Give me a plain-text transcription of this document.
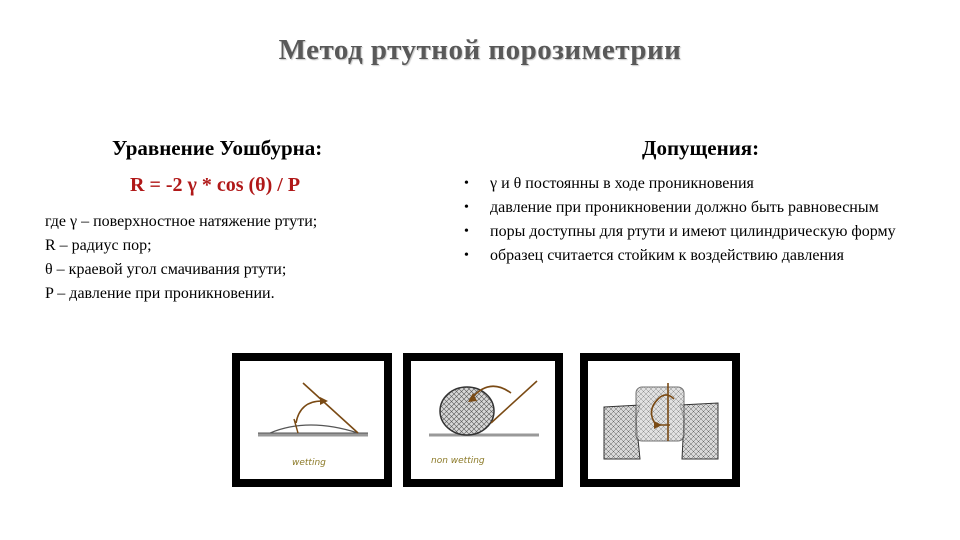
Метод ртутной порозиметрии
Уравнение Уошбурна:
R = -2 γ * cos (θ) / P
где γ – поверхностное натяжение ртути;
R – радиус пор;
θ – краевой угол смачивания ртути;
P – давление при проникновении.
Допущения:
• γ и θ постоянны в ходе проникновения
• давление при проникновении должно быть равновесным
• поры доступны для ртути и имеют цилиндрическую форму
• образец считается стойким к воздействию давления
wetting	non wetting
